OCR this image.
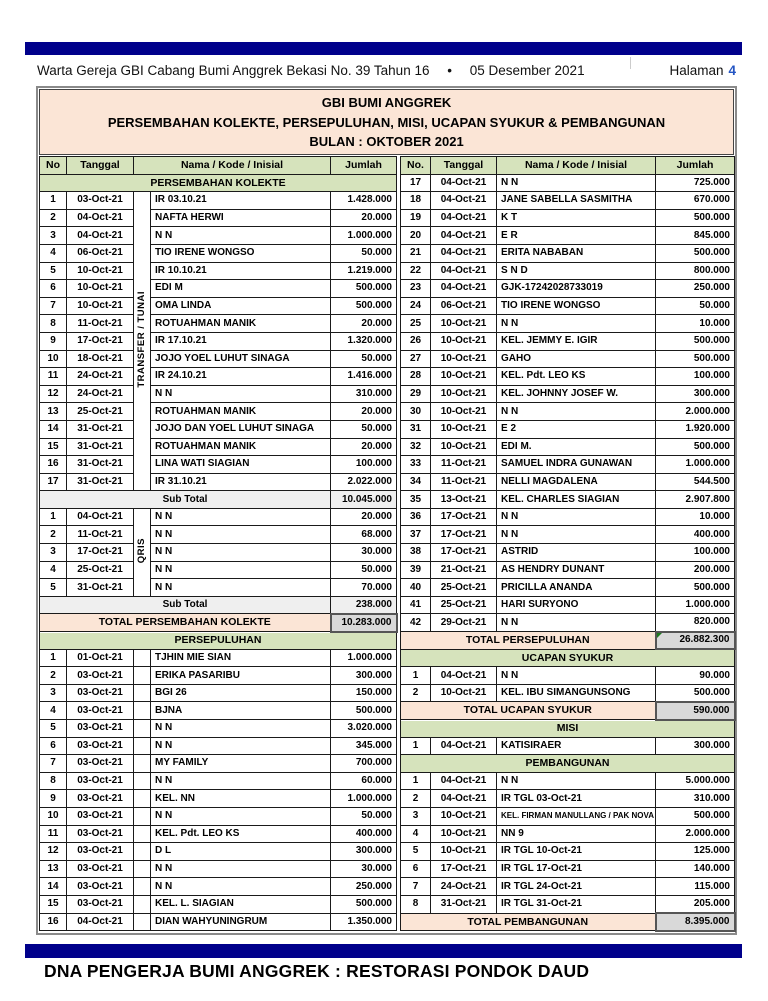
Warta Gereja GBI Cabang Bumi Anggrek Bekasi No. 39 Tahun 16 • 05 Desember 2021	Halaman 4
GBI BUMI ANGGREK
PERSEMBAHAN KOLEKTE, PERSEPULUHAN, MISI, UCAPAN SYUKUR & PEMBANGUNAN
BULAN : OKTOBER 2021
No	Tanggal	Nama / Kode / Inisial		Jumlah
PERSEMBAHAN KOLEKTE				
1	03-Oct-21	TRANSFER / TUNAI	IR 03.10.21	1.428.000
2	04-Oct-21		NAFTA HERWI	20.000
3	04-Oct-21		N N	1.000.000
4	06-Oct-21		TIO IRENE WONGSO	50.000
5	10-Oct-21		IR 10.10.21	1.219.000
6	10-Oct-21		EDI M	500.000
7	10-Oct-21		OMA LINDA	500.000
8	11-Oct-21		ROTUAHMAN MANIK	20.000
9	17-Oct-21		IR 17.10.21	1.320.000
10	18-Oct-21		JOJO YOEL LUHUT SINAGA	50.000
11	24-Oct-21		IR 24.10.21	1.416.000
12	24-Oct-21		N N	310.000
13	25-Oct-21		ROTUAHMAN MANIK	20.000
14	31-Oct-21		JOJO DAN YOEL LUHUT SINAGA	50.000
15	31-Oct-21		ROTUAHMAN MANIK	20.000
16	31-Oct-21		LINA WATI SIAGIAN	100.000
17	31-Oct-21		IR 31.10.21	2.022.000
Sub Total				10.045.000
1	04-Oct-21	QRIS	N N	20.000
2	11-Oct-21		N N	68.000
3	17-Oct-21		N N	30.000
4	25-Oct-21		N N	50.000
5	31-Oct-21		N N	70.000
Sub Total				238.000
TOTAL PERSEMBAHAN KOLEKTE				10.283.000
PERSEPULUHAN				
1	01-Oct-21		TJHIN MIE SIAN	1.000.000
2	03-Oct-21		ERIKA PASARIBU	300.000
3	03-Oct-21		BGI 26	150.000
4	03-Oct-21		BJNA	500.000
5	03-Oct-21		N N	3.020.000
6	03-Oct-21		N N	345.000
7	03-Oct-21		MY FAMILY	700.000
8	03-Oct-21		N N	60.000
9	03-Oct-21		KEL. NN	1.000.000
10	03-Oct-21		N N	50.000
11	03-Oct-21		KEL. Pdt. LEO KS	400.000
12	03-Oct-21		D L	300.000
13	03-Oct-21		N N	30.000
14	03-Oct-21		N N	250.000
15	03-Oct-21		KEL. L. SIAGIAN	500.000
16	04-Oct-21		DIAN WAHYUNINGRUM	1.350.000
No.	Tanggal	Nama / Kode / Inisial	Jumlah
17	04-Oct-21	N N	725.000
18	04-Oct-21	JANE SABELLA SASMITHA	670.000
19	04-Oct-21	K T	500.000
20	04-Oct-21	E R	845.000
21	04-Oct-21	ERITA NABABAN	500.000
22	04-Oct-21	S N D	800.000
23	04-Oct-21	GJK-17242028733019	250.000
24	06-Oct-21	TIO IRENE WONGSO	50.000
25	10-Oct-21	N N	10.000
26	10-Oct-21	KEL. JEMMY E. IGIR	500.000
27	10-Oct-21	GAHO	500.000
28	10-Oct-21	KEL. Pdt. LEO KS	100.000
29	10-Oct-21	KEL. JOHNNY JOSEF W.	300.000
30	10-Oct-21	N N	2.000.000
31	10-Oct-21	E 2	1.920.000
32	10-Oct-21	EDI M.	500.000
33	11-Oct-21	SAMUEL INDRA GUNAWAN	1.000.000
34	11-Oct-21	NELLI MAGDALENA	544.500
35	13-Oct-21	KEL. CHARLES SIAGIAN	2.907.800
36	17-Oct-21	N N	10.000
37	17-Oct-21	N N	400.000
38	17-Oct-21	ASTRID	100.000
39	21-Oct-21	AS HENDRY DUNANT	200.000
40	25-Oct-21	PRICILLA ANANDA	500.000
41	25-Oct-21	HARI SURYONO	1.000.000
42	29-Oct-21	N N	820.000
TOTAL PERSEPULUHAN			26.882.300

UCAPAN SYUKUR			
1	04-Oct-21	N N	90.000
2	10-Oct-21	KEL. IBU SIMANGUNSONG	500.000
TOTAL UCAPAN SYUKUR			590.000
MISI			
1	04-Oct-21	KATISIRAER	300.000
PEMBANGUNAN			
1	04-Oct-21	N N	5.000.000
2	04-Oct-21	IR TGL 03-Oct-21	310.000
3	10-Oct-21	KEL. FIRMAN MANULLANG / PAK NOVA	500.000
4	10-Oct-21	NN 9	2.000.000
5	10-Oct-21	IR TGL 10-Oct-21	125.000
6	17-Oct-21	IR TGL 17-Oct-21	140.000
7	24-Oct-21	IR TGL 24-Oct-21	115.000
8	31-Oct-21	IR TGL 31-Oct-21	205.000
TOTAL PEMBANGUNAN			8.395.000
DNA PENGERJA BUMI ANGGREK : RESTORASI PONDOK DAUD
